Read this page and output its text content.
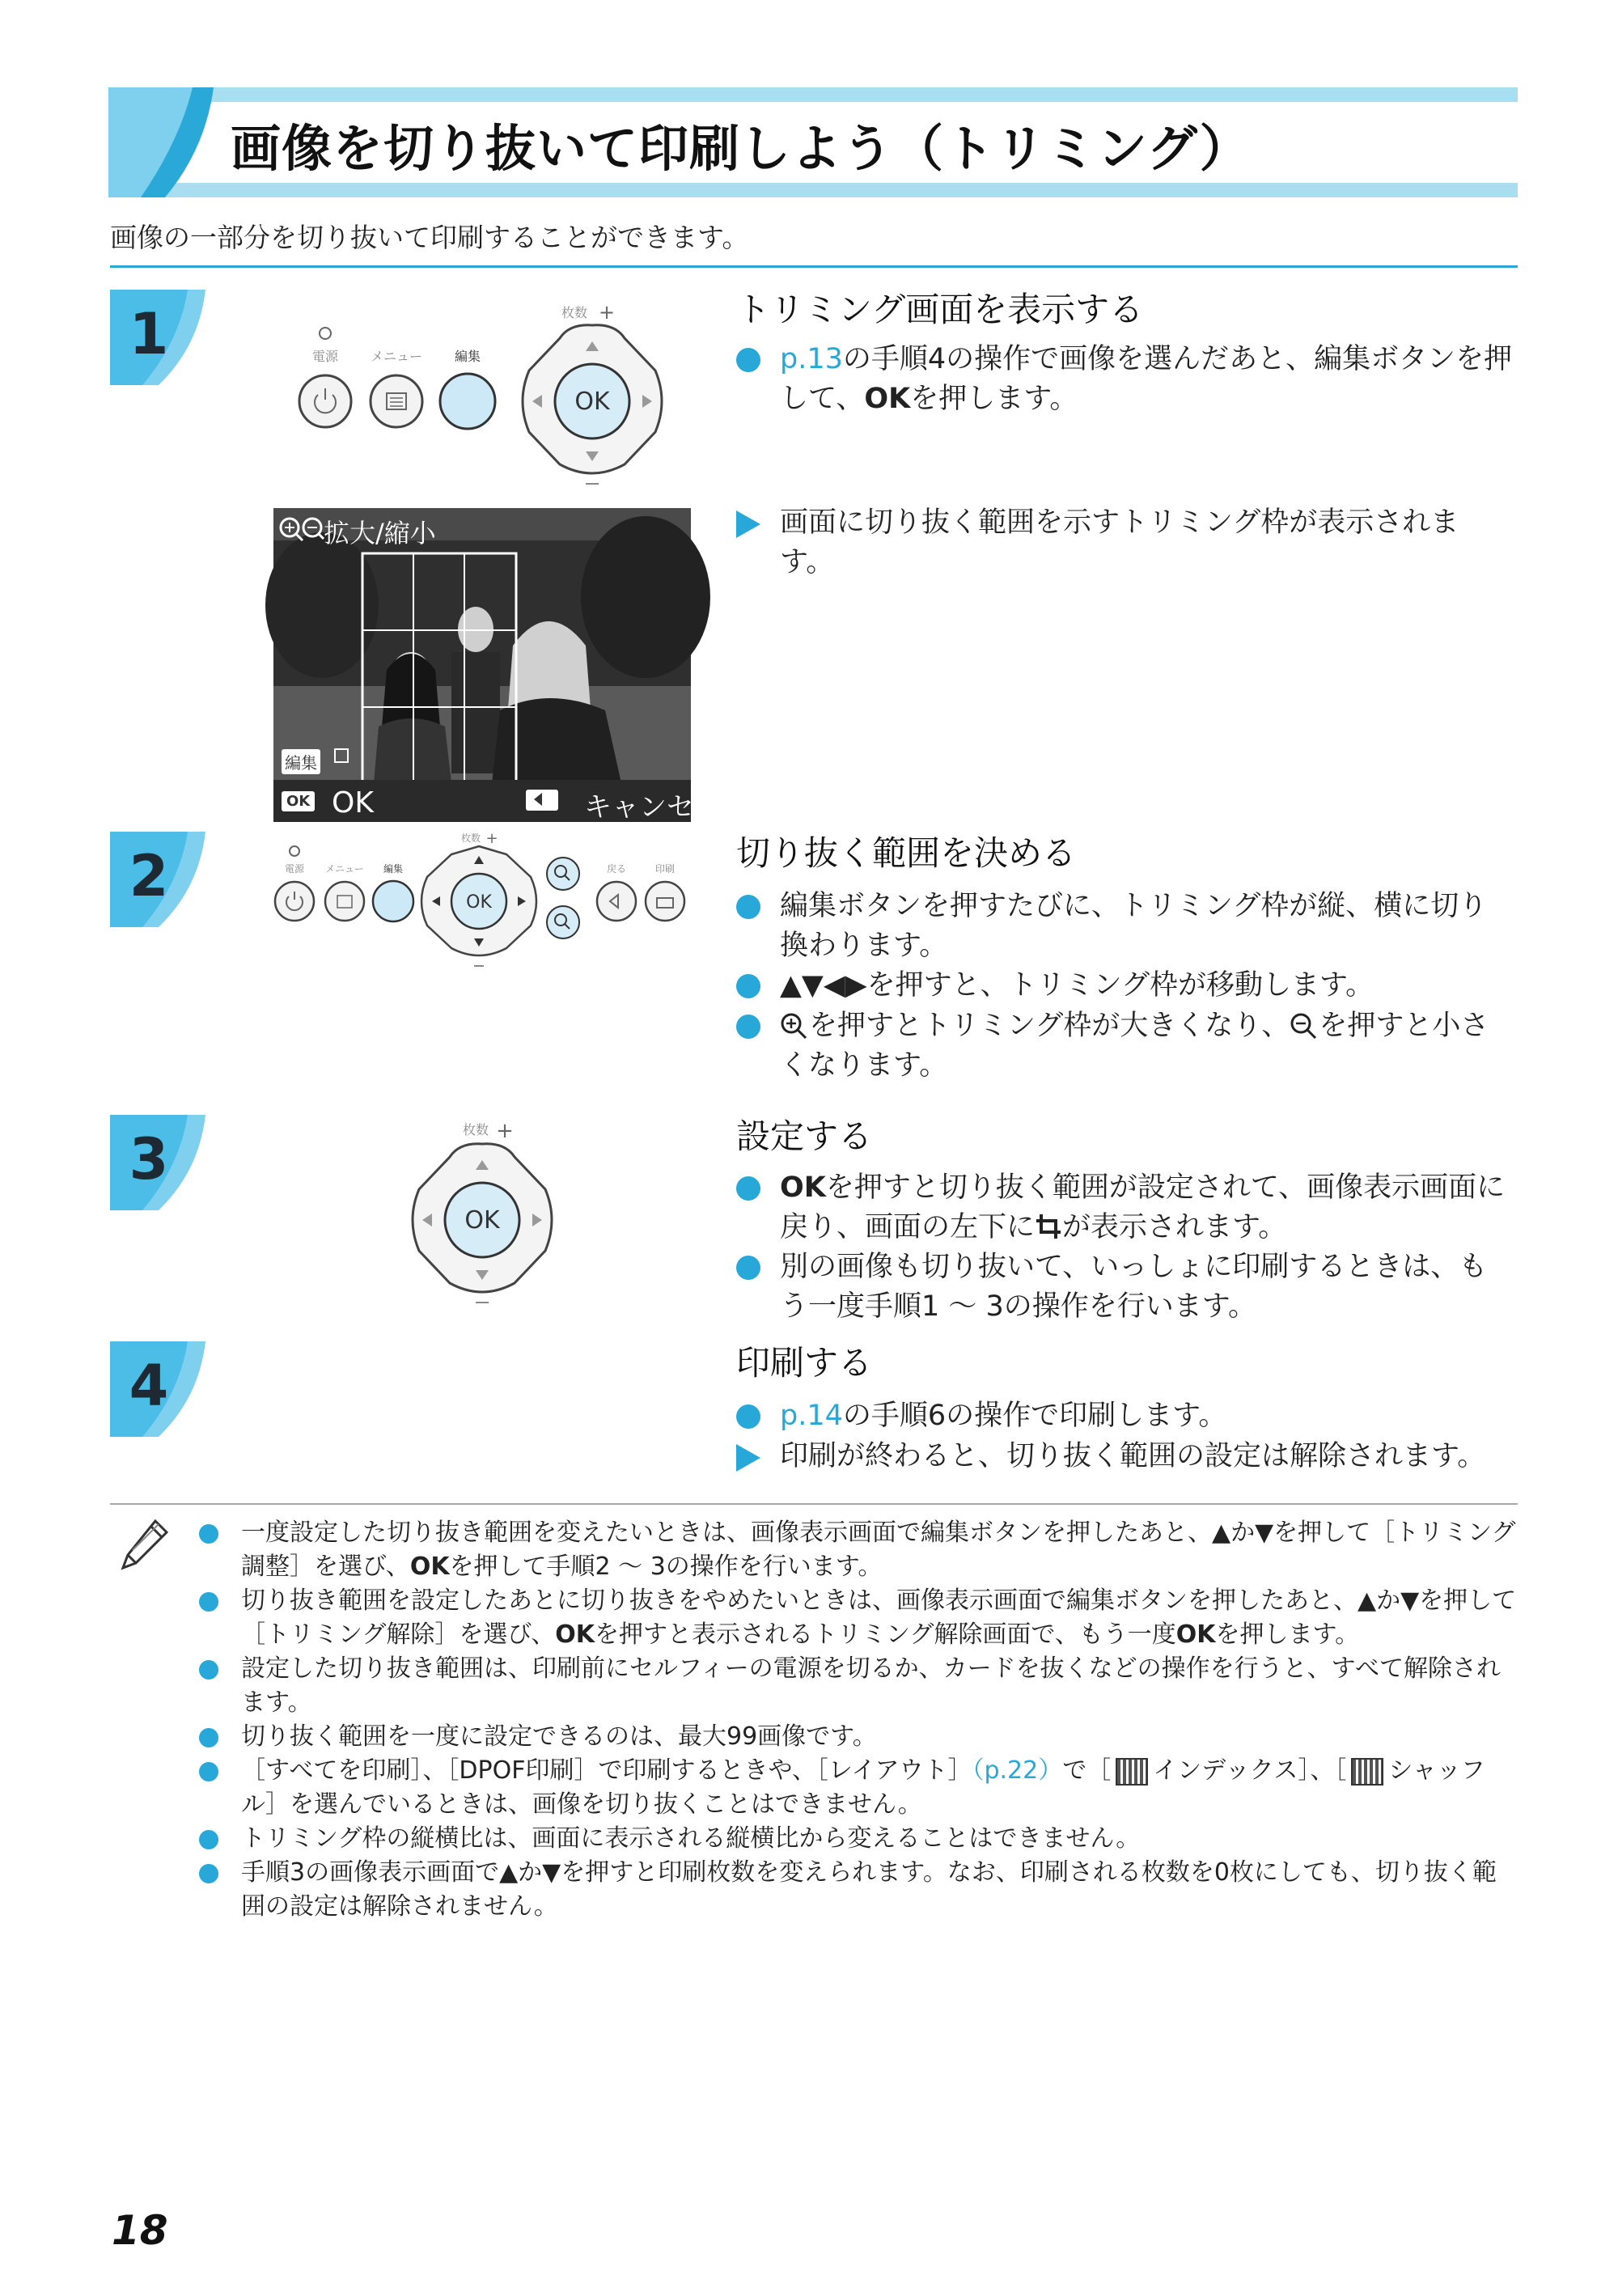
画像を切り抜いて印刷しよう（トリミング）
画像の一部分を切り抜いて印刷することができます。
1
2
3
4
電源 メニュー 編集
枚数 +
OK
トリミング画面を表示する
p.13の手順4の操作で画像を選んだあと、編集ボタンを押して、OKを押します。
画面に切り抜く範囲を示すトリミング枠が表示されます。
拡大/縮小
編集
OK OK	キャンセル
電源 メニュー 編集
枚数 +
OK
戻る	印刷 切り抜く範囲を決める
編集ボタンを押すたびに、トリミング枠が縦、横に切り換わります。
▲▼◀▶を押すと、トリミング枠が移動します。
を押すとトリミング枠が大きくなり、 を押すと小さくなります。
枚数 +
OK
設定する
OKを押すと切り抜く範囲が設定されて、画像表示画面に戻り、画面の左下に が表示されます。
別の画像も切り抜いて、いっしょに印刷するときは、もう一度手順1 〜 3の操作を行います。
印刷する
p.14の手順6の操作で印刷します。
印刷が終わると、切り抜く範囲の設定は解除されます。
一度設定した切り抜き範囲を変えたいときは、画像表示画面で編集ボタンを押したあと、▲か▼を押して［トリミング調整］を選び、OKを押して手順2 〜 3の操作を行います。
切り抜き範囲を設定したあとに切り抜きをやめたいときは、画像表示画面で編集ボタンを押したあと、▲か▼を押して［トリミング解除］を選び、OKを押すと表示されるトリミング解除画面で、もう一度OKを押します。
設定した切り抜き範囲は、印刷前にセルフィーの電源を切るか、カードを抜くなどの操作を行うと、すべて解除されます。
切り抜く範囲を一度に設定できるのは、最大99画像です。
［すべてを印刷］、［DPOF印刷］で印刷するときや、［レイアウト］（p.22）で［ インデックス］、［ シャッフル］を選んでいるときは、画像を切り抜くことはできません。
トリミング枠の縦横比は、画面に表示される縦横比から変えることはできません。
手順3の画像表示画面で▲か▼を押すと印刷枚数を変えられます。なお、印刷される枚数を0枚にしても、切り抜く範囲の設定は解除されません。
18
